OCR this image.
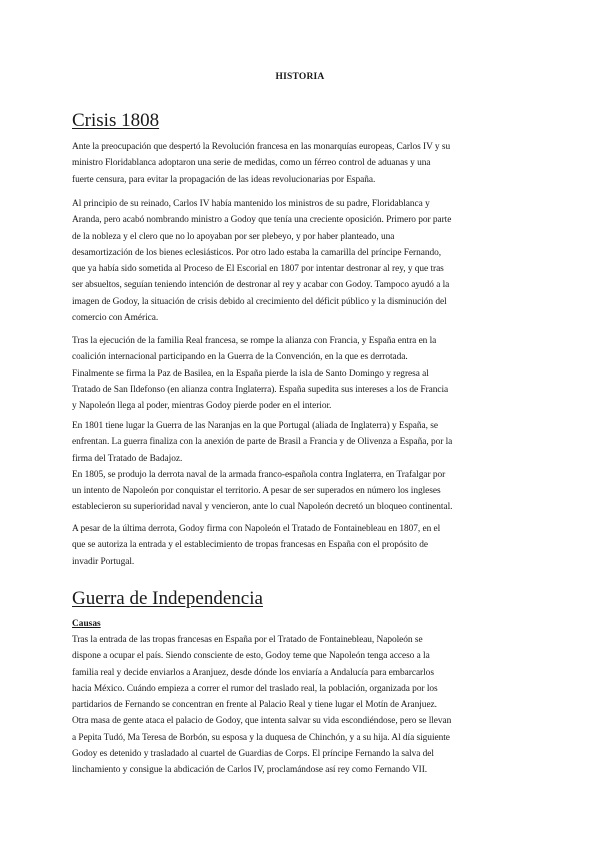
HISTORIA
Crisis 1808

Ante la preocupación que despertó la Revolución francesa en las monarquías europeas, Carlos IV y su
ministro Floridablanca adoptaron una serie de medidas, como un férreo control de aduanas y una
fuerte censura, para evitar la propagación de las ideas revolucionarias por España.

Al principio de su reinado, Carlos IV había mantenido los ministros de su padre, Floridablanca y
Aranda, pero acabó nombrando ministro a Godoy que tenía una creciente oposición. Primero por parte
de la nobleza y el clero que no lo apoyaban por ser plebeyo, y por haber planteado, una
desamortización de los bienes eclesiásticos. Por otro lado estaba la camarilla del príncipe Fernando,
que ya había sido sometida al Proceso de El Escorial en 1807 por intentar destronar al rey, y que tras
ser absueltos, seguían teniendo intención de destronar al rey y acabar con Godoy. Tampoco ayudó a la
imagen de Godoy, la situación de crisis debido al crecimiento del déficit público y la disminución del
comercio con América.

Tras la ejecución de la familia Real francesa, se rompe la alianza con Francia, y España entra en la
coalición internacional participando en la Guerra de la Convención, en la que es derrotada.
Finalmente se firma la Paz de Basilea, en la España pierde la isla de Santo Domingo y regresa al
Tratado de San Ildefonso (en alianza contra Inglaterra). España supedita sus intereses a los de Francia
y Napoleón llega al poder, mientras Godoy pierde poder en el interior.

En 1801 tiene lugar la Guerra de las Naranjas en la que Portugal (aliada de Inglaterra) y España, se
enfrentan. La guerra finaliza con la anexión de parte de Brasil a Francia y de Olivenza a España, por la
firma del Tratado de Badajoz.
En 1805, se produjo la derrota naval de la armada franco-española contra Inglaterra, en Trafalgar por
un intento de Napoleón por conquistar el territorio. A pesar de ser superados en número los ingleses
establecieron su superioridad naval y vencieron, ante lo cual Napoleón decretó un bloqueo continental.

A pesar de la última derrota, Godoy firma con Napoleón el Tratado de Fontainebleau en 1807, en el
que se autoriza la entrada y el establecimiento de tropas francesas en España con el propósito de
invadir Portugal.

Guerra de Independencia
Causas

Tras la entrada de las tropas francesas en España por el Tratado de Fontainebleau, Napoleón se
dispone a ocupar el país. Siendo consciente de esto, Godoy teme que Napoleón tenga acceso a la
familia real y decide enviarlos a Aranjuez, desde dónde los enviaría a Andalucía para embarcarlos
hacia México. Cuándo empieza a correr el rumor del traslado real, la población, organizada por los
partidarios de Fernando se concentran en frente al Palacio Real y tiene lugar el Motín de Aranjuez.
Otra masa de gente ataca el palacio de Godoy, que intenta salvar su vida escondiéndose, pero se llevan
a Pepita Tudó, Ma Teresa de Borbón, su esposa y la duquesa de Chinchón, y a su hija. Al día siguiente
Godoy es detenido y trasladado al cuartel de Guardias de Corps. El príncipe Fernando la salva del
linchamiento y consigue la abdicación de Carlos IV, proclamándose así rey como Fernando VII.
